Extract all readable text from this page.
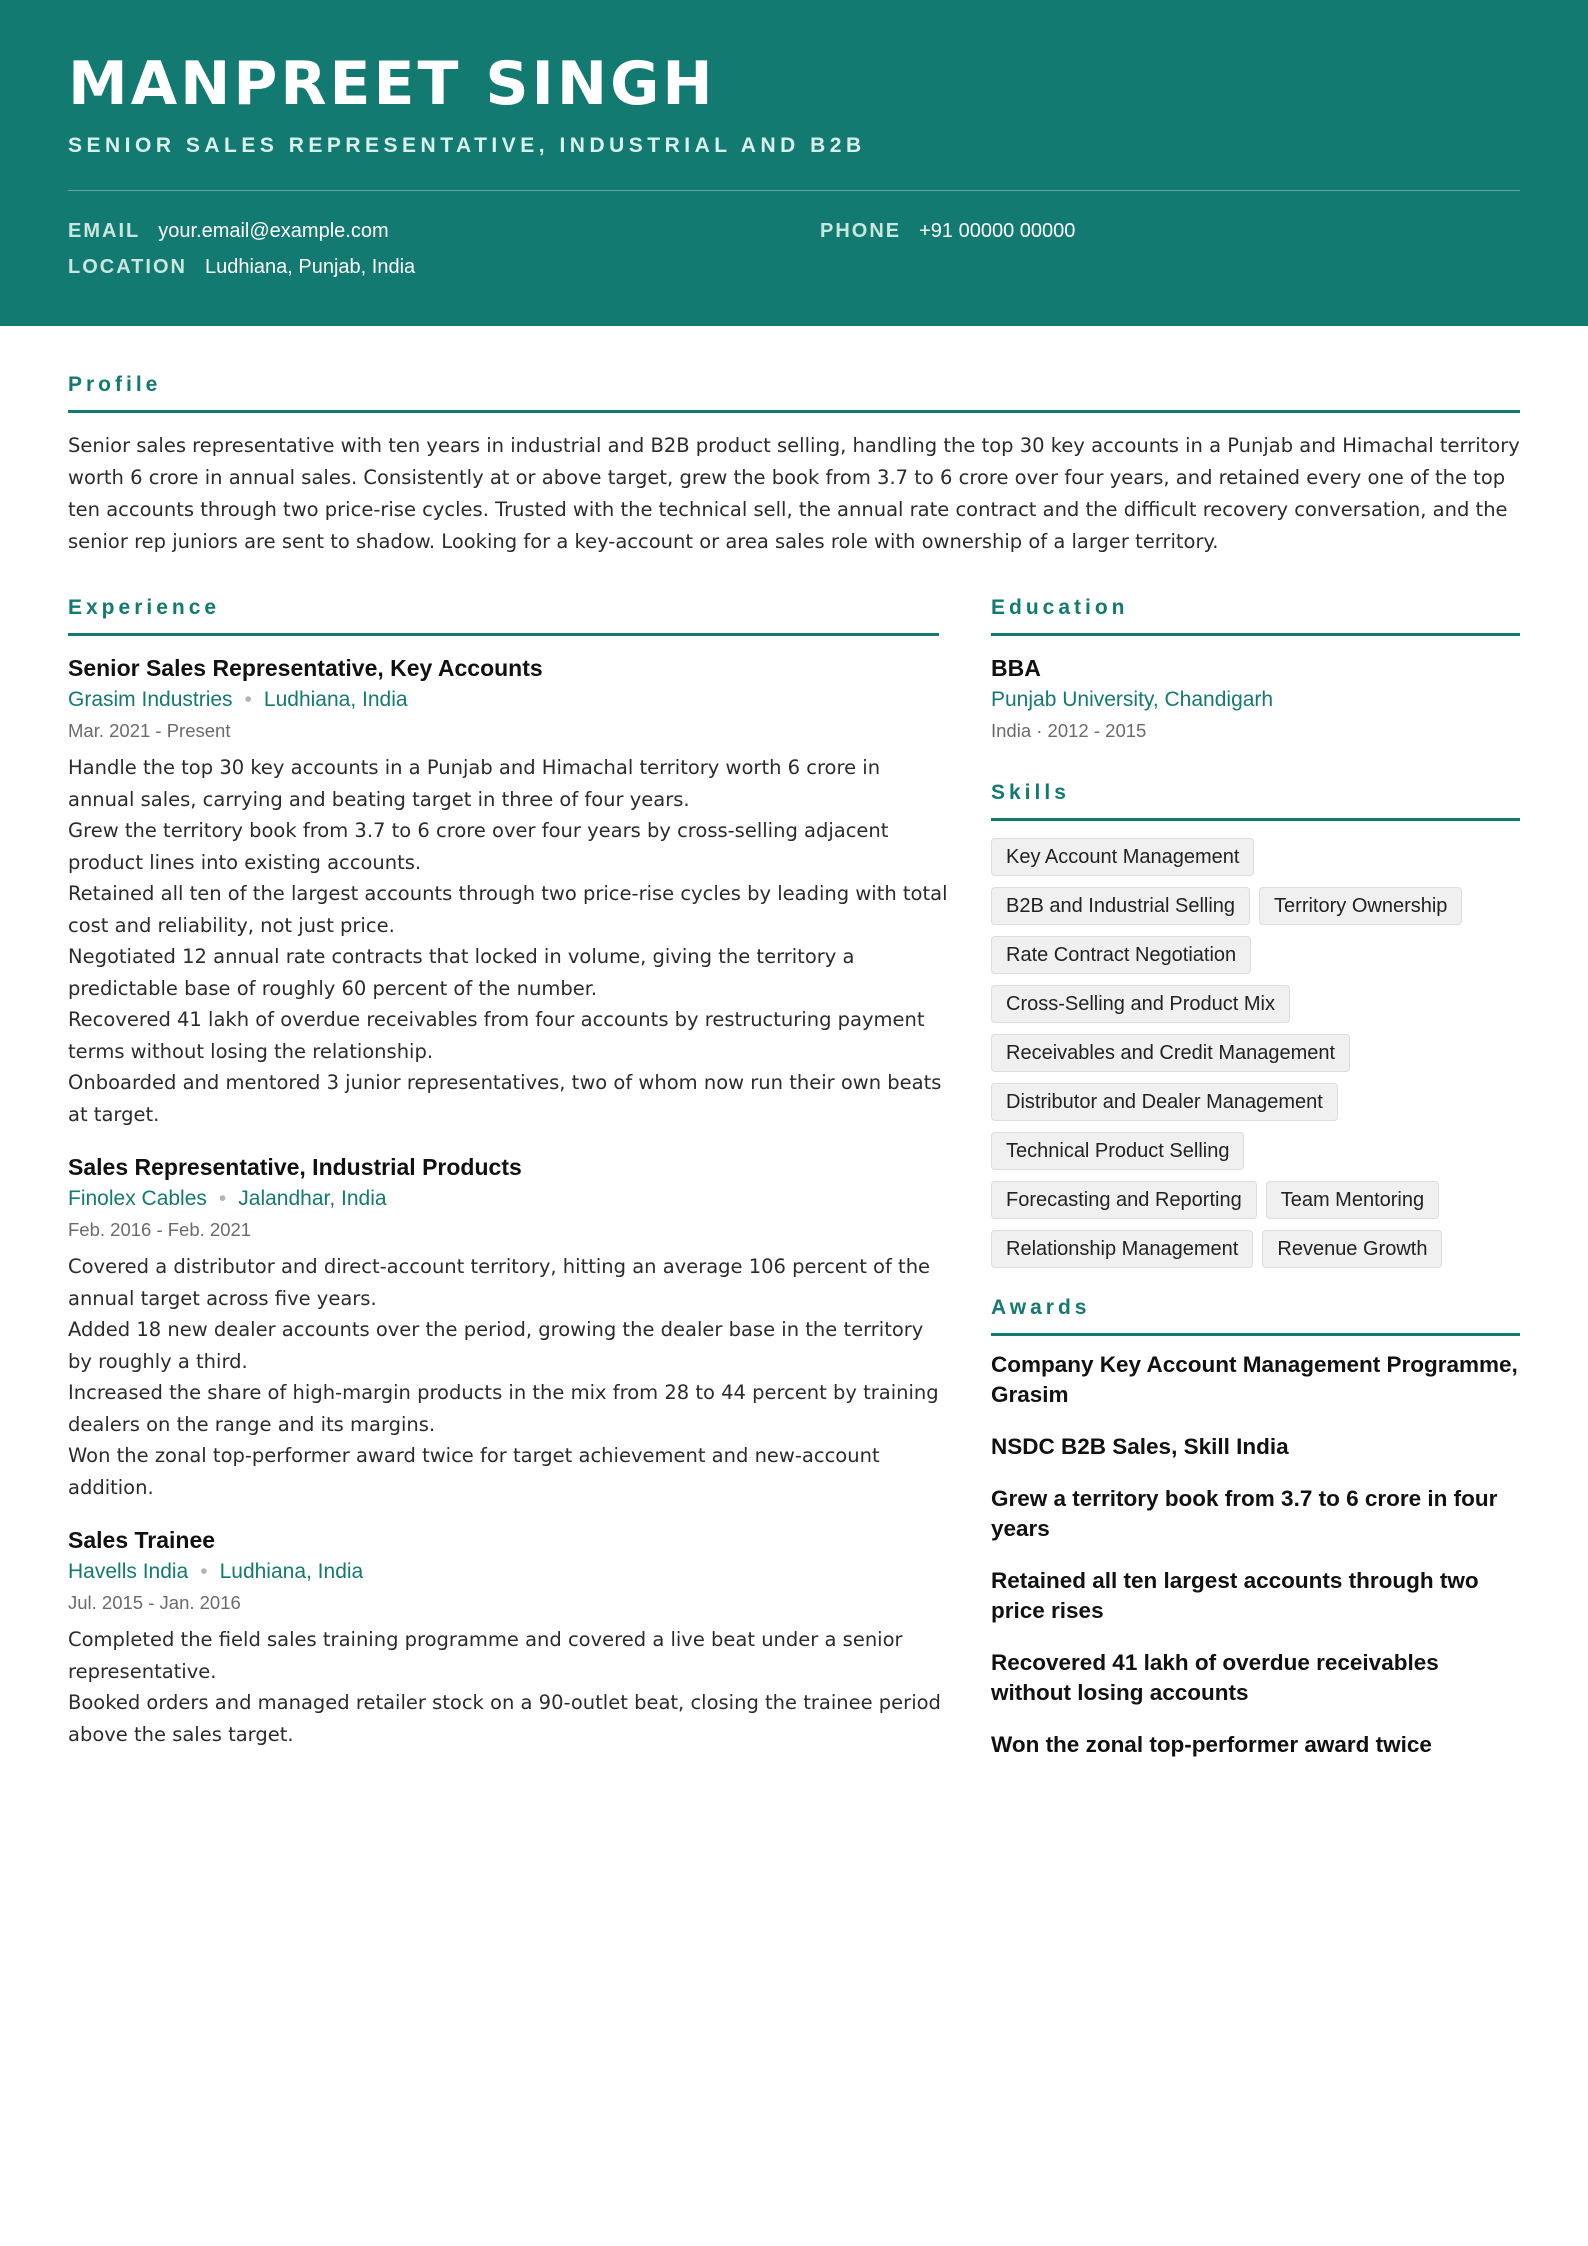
MANPREET SINGH
SENIOR SALES REPRESENTATIVE, INDUSTRIAL AND B2B
EMAIL your.email@example.com	PHONE +91 00000 00000
LOCATION Ludhiana, Punjab, India
Profile
Senior sales representative with ten years in industrial and B2B product selling, handling the top 30 key accounts in a Punjab and Himachal territory worth 6 crore in annual sales. Consistently at or above target, grew the book from 3.7 to 6 crore over four years, and retained every one of the top ten accounts through two price-rise cycles. Trusted with the technical sell, the annual rate contract and the difficult recovery conversation, and the senior rep juniors are sent to shadow. Looking for a key-account or area sales role with ownership of a larger territory.
Experience
Senior Sales Representative, Key Accounts
Grasim Industries • Ludhiana, India
Mar. 2021 - Present
Handle the top 30 key accounts in a Punjab and Himachal territory worth 6 crore in annual sales, carrying and beating target in three of four years.
Grew the territory book from 3.7 to 6 crore over four years by cross-selling adjacent product lines into existing accounts.
Retained all ten of the largest accounts through two price-rise cycles by leading with total cost and reliability, not just price.
Negotiated 12 annual rate contracts that locked in volume, giving the territory a predictable base of roughly 60 percent of the number.
Recovered 41 lakh of overdue receivables from four accounts by restructuring payment terms without losing the relationship.
Onboarded and mentored 3 junior representatives, two of whom now run their own beats at target.
Sales Representative, Industrial Products
Finolex Cables • Jalandhar, India
Feb. 2016 - Feb. 2021
Covered a distributor and direct-account territory, hitting an average 106 percent of the annual target across five years.
Added 18 new dealer accounts over the period, growing the dealer base in the territory by roughly a third.
Increased the share of high-margin products in the mix from 28 to 44 percent by training dealers on the range and its margins.
Won the zonal top-performer award twice for target achievement and new-account addition.
Sales Trainee
Havells India • Ludhiana, India
Jul. 2015 - Jan. 2016
Completed the field sales training programme and covered a live beat under a senior representative.
Booked orders and managed retailer stock on a 90-outlet beat, closing the trainee period above the sales target.
Education
BBA
Punjab University, Chandigarh
India · 2012 - 2015
Skills
Key Account Management
B2B and Industrial Selling Territory Ownership
Rate Contract Negotiation
Cross-Selling and Product Mix
Receivables and Credit Management
Distributor and Dealer Management
Technical Product Selling
Forecasting and Reporting Team Mentoring
Relationship Management Revenue Growth
Awards
Company Key Account Management Programme, Grasim
NSDC B2B Sales, Skill India
Grew a territory book from 3.7 to 6 crore in four years
Retained all ten largest accounts through two price rises
Recovered 41 lakh of overdue receivables without losing accounts
Won the zonal top-performer award twice
